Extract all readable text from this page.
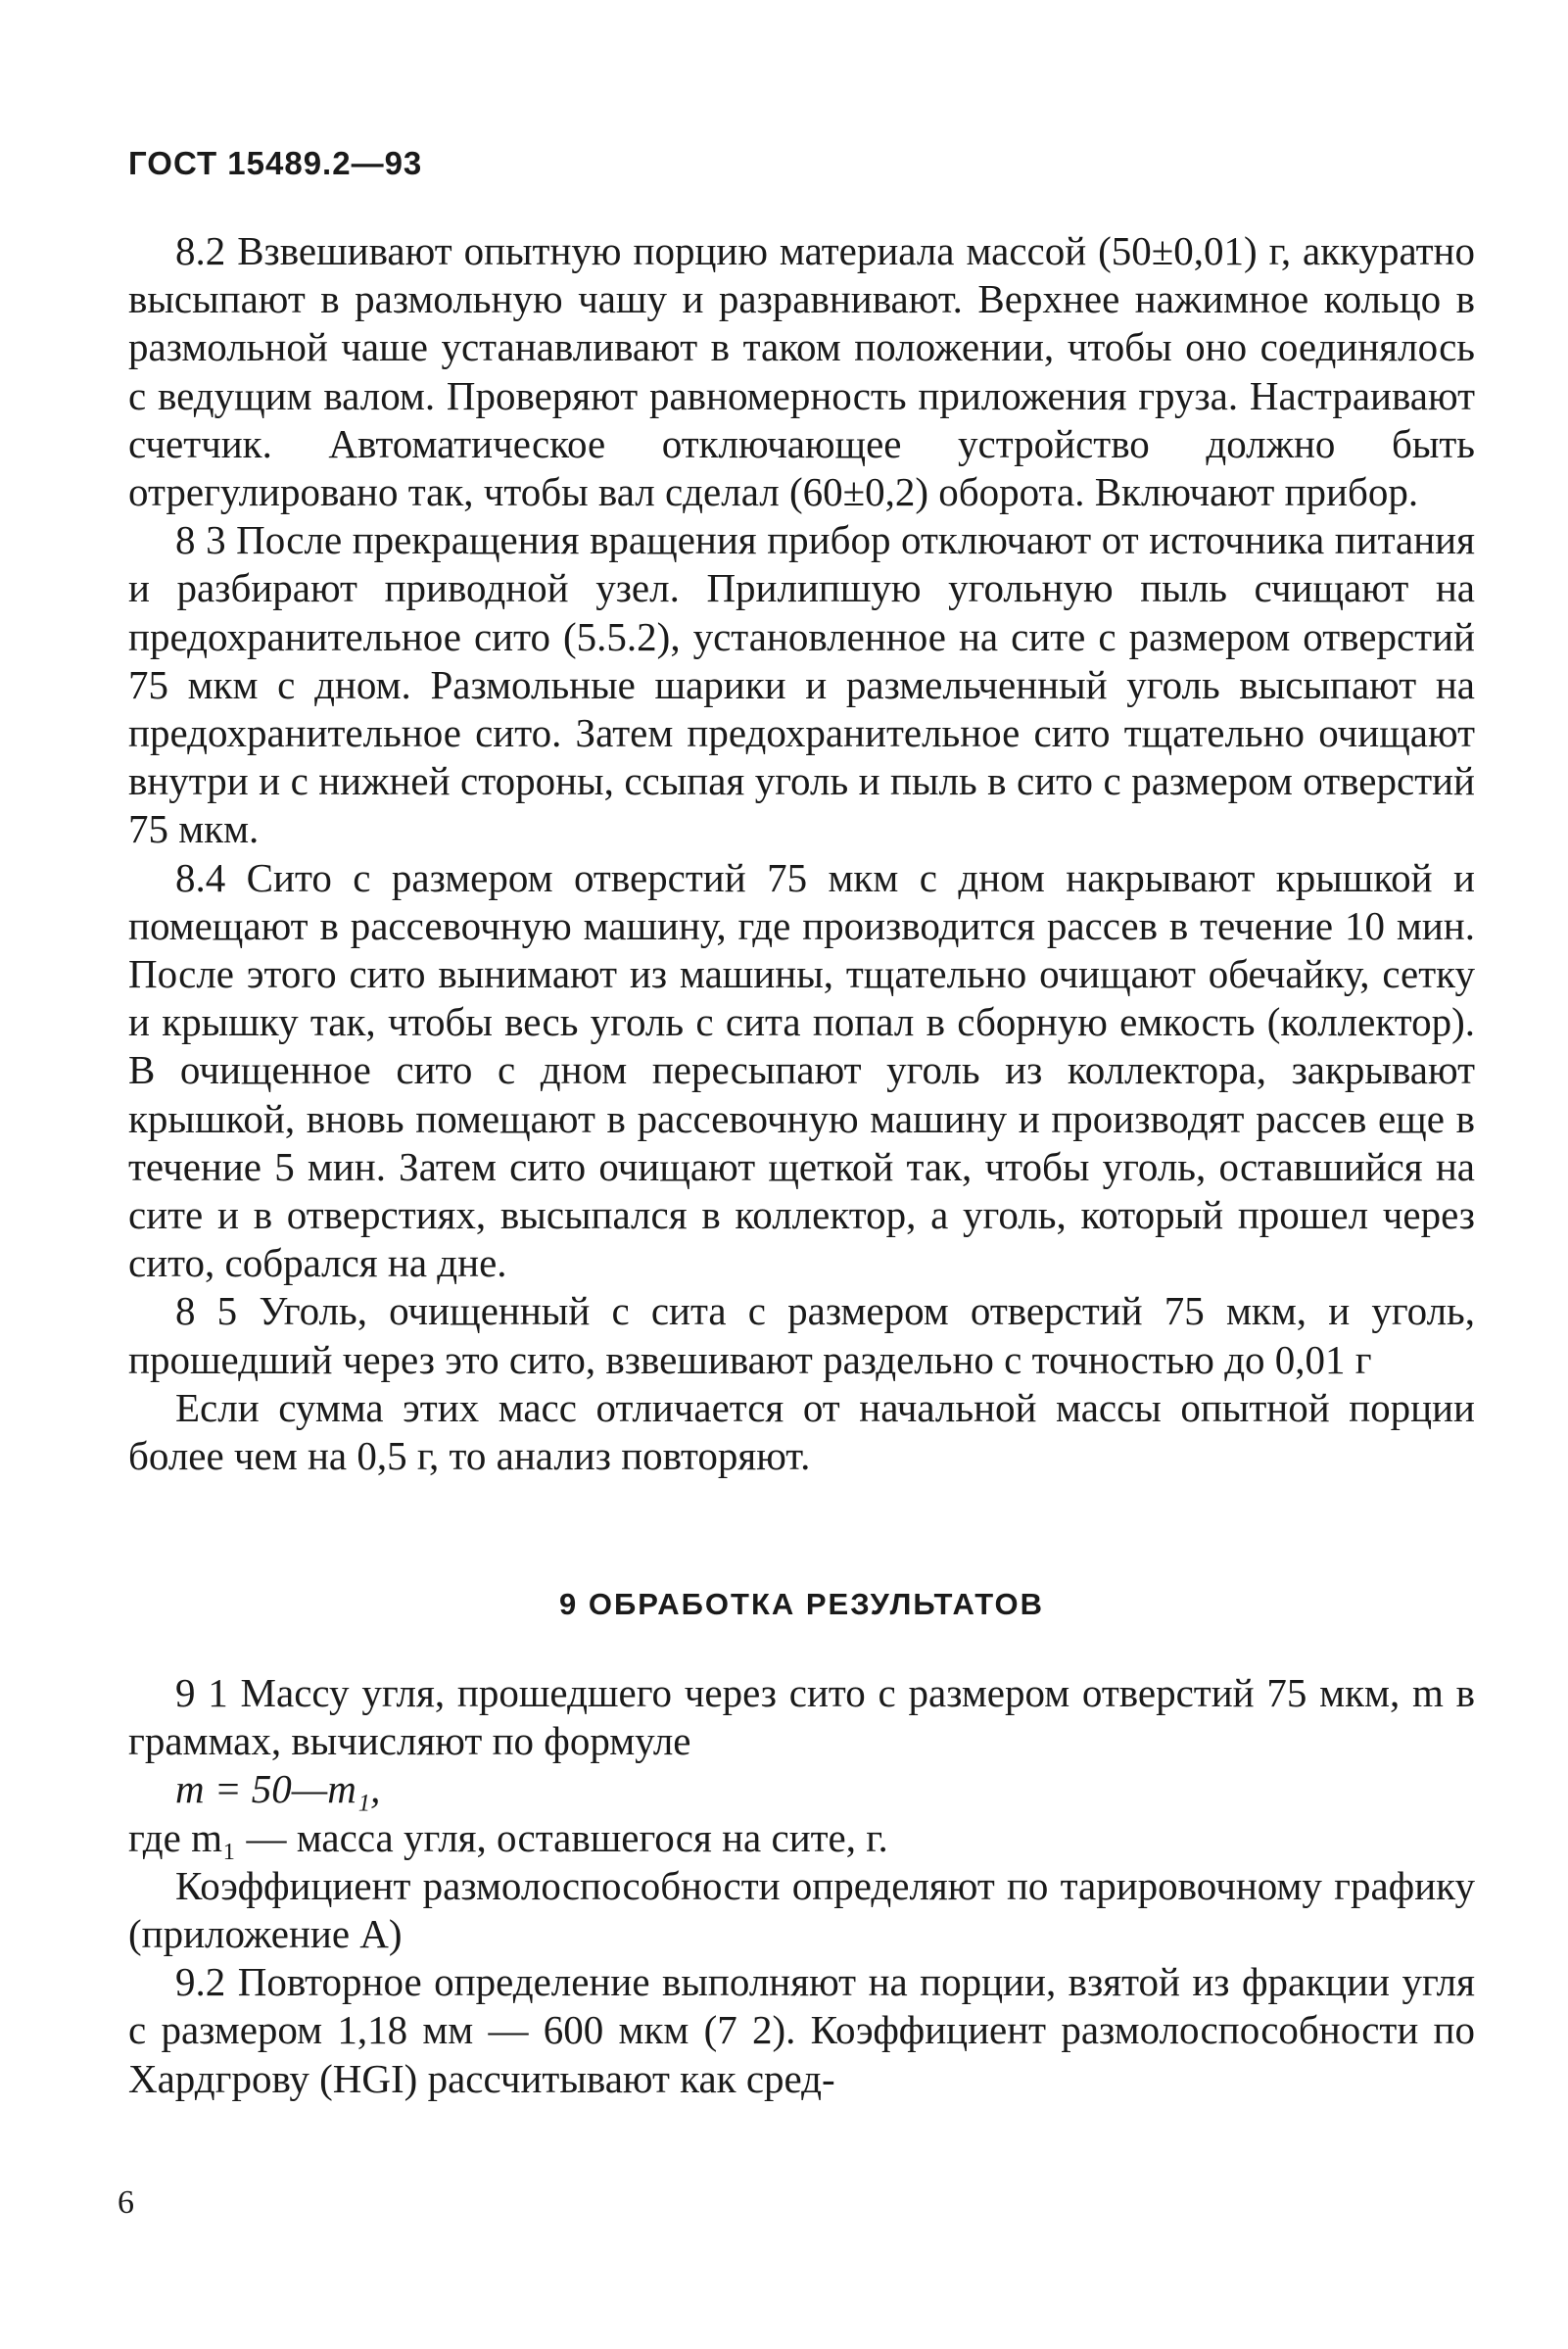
ГОСТ 15489.2—93

8.2 Взвешивают опытную порцию материала массой (50±0,01) г, аккуратно высыпают в размольную чашу и разравнивают. Верхнее нажимное кольцо в размольной чаше устанавливают в таком положении, чтобы оно соединялось с ведущим валом. Проверяют равномерность приложения груза. Настраивают счетчик. Автоматическое отключающее устройство должно быть отрегулировано так, чтобы вал сделал (60±0,2) оборота. Включают прибор.

8 3 После прекращения вращения прибор отключают от источника питания и разбирают приводной узел. Прилипшую угольную пыль счищают на предохранительное сито (5.5.2), установленное на сите с размером отверстий 75 мкм с дном. Размольные шарики и размельченный уголь высыпают на предохранительное сито. Затем предохранительное сито тщательно очищают внутри и с нижней стороны, ссыпая уголь и пыль в сито с размером отверстий 75 мкм.

8.4 Сито с размером отверстий 75 мкм с дном накрывают крышкой и помещают в рассевочную машину, где производится рассев в течение 10 мин. После этого сито вынимают из машины, тщательно очищают обечайку, сетку и крышку так, чтобы весь уголь с сита попал в сборную емкость (коллектор). В очищенное сито с дном пересыпают уголь из коллектора, закрывают крышкой, вновь помещают в рассевочную машину и производят рассев еще в течение 5 мин. Затем сито очищают щеткой так, чтобы уголь, оставшийся на сите и в отверстиях, высыпался в коллектор, а уголь, который прошел через сито, собрался на дне.

8 5 Уголь, очищенный с сита с размером отверстий 75 мкм, и уголь, прошедший через это сито, взвешивают раздельно с точностью до 0,01 г

Если сумма этих масс отличается от начальной массы опытной порции более чем на 0,5 г, то анализ повторяют.

9 ОБРАБОТКА РЕЗУЛЬТАТОВ

9 1 Массу угля, прошедшего через сито с размером отверстий 75 мкм, m в граммах, вычисляют по формуле

m = 50—m₁,

где m₁ — масса угля, оставшегося на сите, г.

Коэффициент размолоспособности определяют по тарировочному графику (приложение А)

9.2 Повторное определение выполняют на порции, взятой из фракции угля с размером 1,18 мм — 600 мкм (7 2). Коэффициент размолоспособности по Хардгрову (HGI) рассчитывают как сред-

6
